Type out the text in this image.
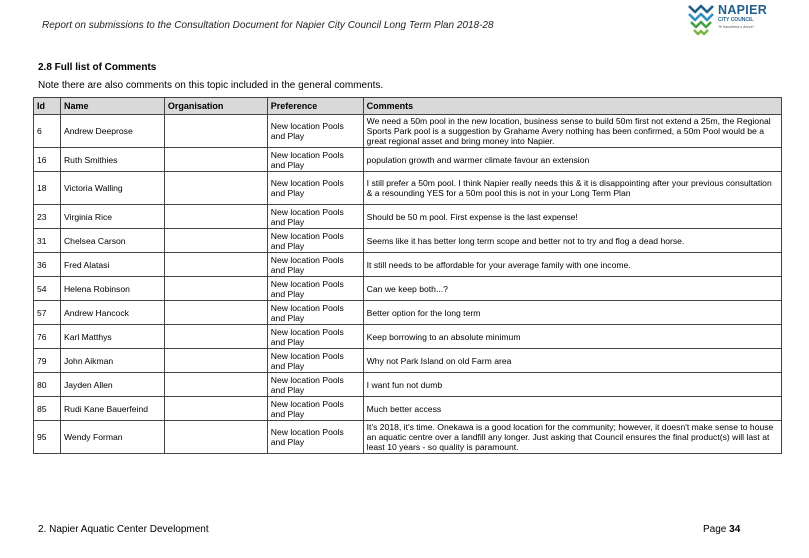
Report on submissions to the Consultation Document for Napier City Council Long Term Plan 2018-28
NAPIER
CITY COUNCIL
Te Kaunihera o Ahuriri
2.8 Full list of Comments
Note there are also comments on this topic included in the general comments.
Id	Name	Organisation	Preference	Comments
6	Andrew Deeprose		New location Pools and Play	We need a 50m pool in the new location, business sense to build 50m first not extend a 25m, the Regional Sports Park pool is a suggestion by Grahame Avery nothing has been confirmed, a 50m Pool would be a great regional asset and bring money into Napier.
16	Ruth Smithies		New location Pools and Play	population growth and warmer climate favour an extension
18	Victoria Walling		New location Pools and Play	I still prefer a 50m pool. I think Napier really needs this & it is disappointing after your previous consultation & a resounding YES for a 50m pool this is not in your Long Term Plan
23	Virginia Rice		New location Pools and Play	Should be 50 m pool. First expense is the last expense!
31	Chelsea Carson		New location Pools and Play	Seems like it has better long term scope and better not to try and flog a dead horse.
36	Fred Alatasi		New location Pools and Play	It still needs to be affordable for your average family with one income.
54	Helena Robinson		New location Pools and Play	Can we keep both...?
57	Andrew Hancock		New location Pools and Play	Better option for the long term
76	Karl Matthys		New location Pools and Play	Keep borrowing to an absolute minimum
79	John Aikman		New location Pools and Play	Why not Park Island on old Farm area
80	Jayden Allen		New location Pools and Play	I want fun not dumb
85	Rudi Kane Bauerfeind		New location Pools and Play	Much better access
95	Wendy Forman		New location Pools and Play	It's 2018, it's time. Onekawa is a good location for the community; however, it doesn't make sense to house an aquatic centre over a landfill any longer. Just asking that Council ensures the final product(s) will last at least 10 years - so quality is paramount.
2. Napier Aquatic Center Development	Page 34
